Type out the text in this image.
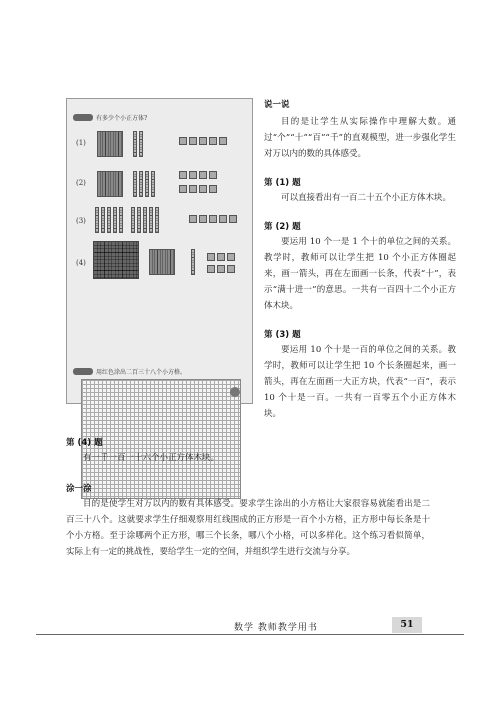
有多少个小正方体?
(1)
(2)
(3)
(4)
用红色涂出二百三十八个小方格。
说一说
目的是让学生从实际操作中理解大数。通过“个”“十”“百”“千”的直观模型，进一步强化学生对万以内的数的具体感受。
第 (1) 题
可以直接看出有一百二十五个小正方体木块。
第 (2) 题
要运用 10 个一是 1 个十的单位之间的关系。教学时，教师可以让学生把 10 个小正方体圈起来，画一箭头，再在左面画一长条，代表“十”，表示“满十进一”的意思。一共有一百四十二个小正方体木块。
第 (3) 题
要运用 10 个十是一百的单位之间的关系。教学时，教师可以让学生把 10 个长条圈起来，画一箭头，再在左面画一大正方块，代表“一百”，表示 10 个十是一百。一共有一百零五个小正方体木块。
第 (4) 题
有一千一百一十六个小正方体木块。
涂一涂
目的是使学生对万以内的数有具体感受。要求学生涂出的小方格让大家很容易就能看出是二百三十八个。这就要求学生仔细观察用红线围成的正方形是一百个小方格，正方形中每长条是十个小方格。至于涂哪两个正方形，哪三个长条，哪八个小格，可以多样化。这个练习看似简单，实际上有一定的挑战性，要给学生一定的空间，并组织学生进行交流与分享。
数学 教师教学用书	51
